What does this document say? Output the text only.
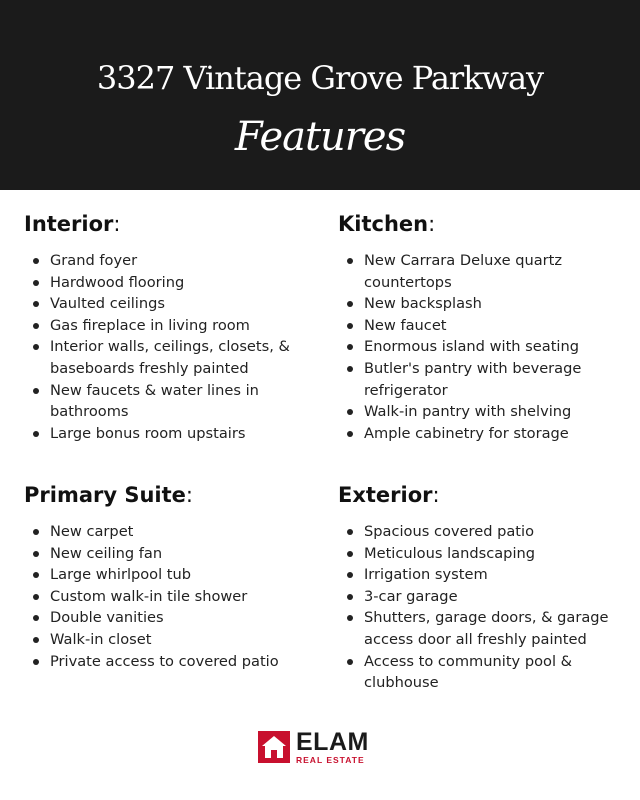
3327 Vintage Grove Parkway
Features
Interior:
Grand foyer
Hardwood flooring
Vaulted ceilings
Gas fireplace in living room
Interior walls, ceilings, closets, & baseboards freshly painted
New faucets & water lines in bathrooms
Large bonus room upstairs
Kitchen:
New Carrara Deluxe quartz countertops
New backsplash
New faucet
Enormous island with seating
Butler's pantry with beverage refrigerator
Walk-in pantry with shelving
Ample cabinetry for storage
Primary Suite:
New carpet
New ceiling fan
Large whirlpool tub
Custom walk-in tile shower
Double vanities
Walk-in closet
Private access to covered patio
Exterior:
Spacious covered patio
Meticulous landscaping
Irrigation system
3-car garage
Shutters, garage doors, & garage access door all freshly painted
Access to community pool & clubhouse
ELAM
REAL ESTATE
